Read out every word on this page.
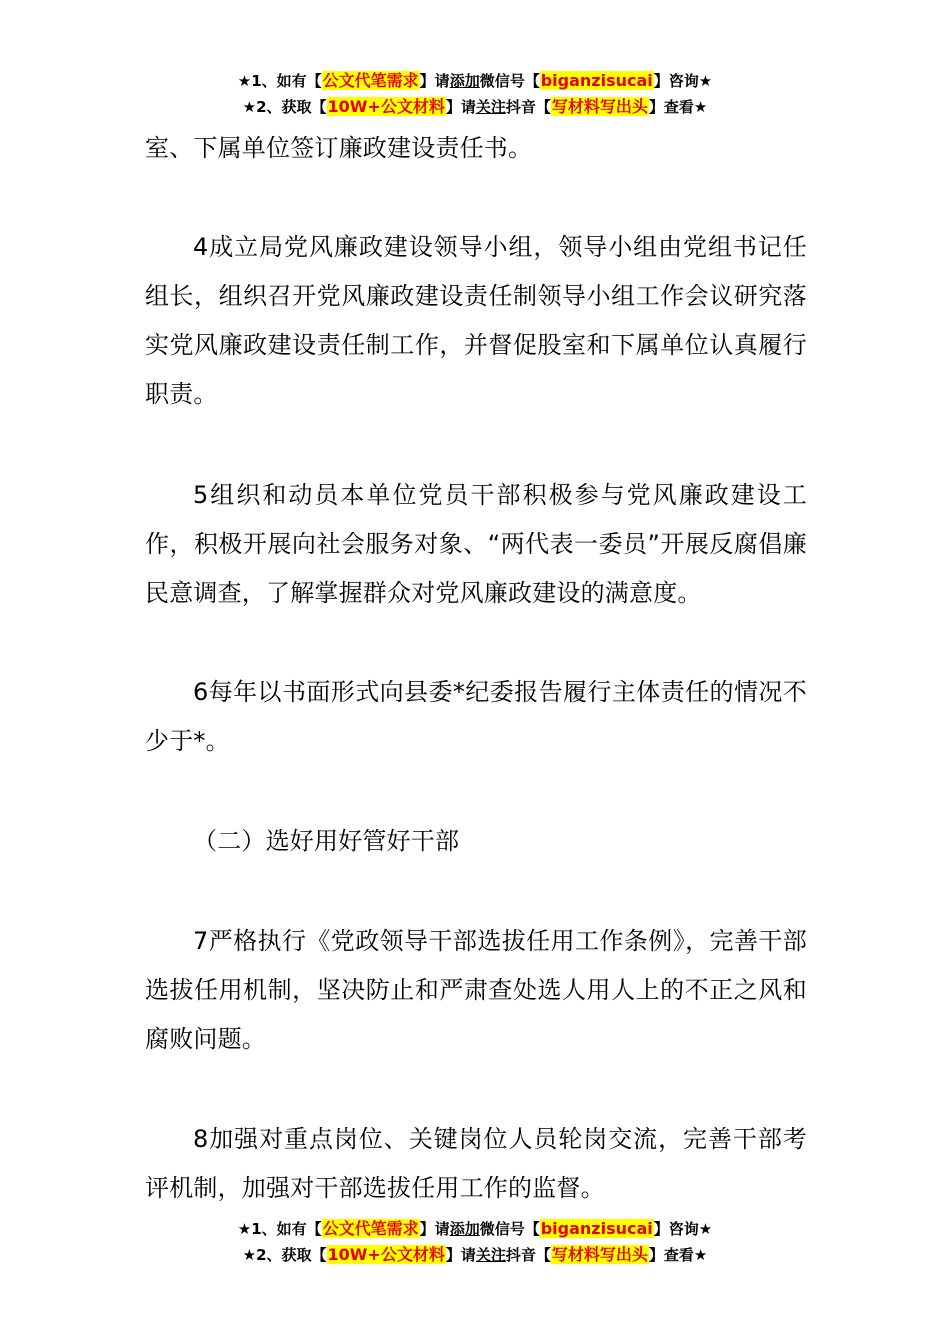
★1、如有【公文代笔需求】请添加微信号【biganzisucai】咨询★
★2、获取【10W+公文材料】请关注抖音【写材料写出头】查看★

室、下属单位签订廉政建设责任书。

4成立局党风廉政建设领导小组，领导小组由党组书记任组长，组织召开党风廉政建设责任制领导小组工作会议研究落实党风廉政建设责任制工作，并督促股室和下属单位认真履行职责。

5组织和动员本单位党员干部积极参与党风廉政建设工作，积极开展向社会服务对象、“两代表一委员”开展反腐倡廉民意调查，了解掌握群众对党风廉政建设的满意度。

6每年以书面形式向县委*纪委报告履行主体责任的情况不少于*。

（二）选好用好管好干部

7严格执行《党政领导干部选拔任用工作条例》，完善干部选拔任用机制，坚决防止和严肃查处选人用人上的不正之风和腐败问题。

8加强对重点岗位、关键岗位人员轮岗交流，完善干部考评机制，加强对干部选拔任用工作的监督。

★1、如有【公文代笔需求】请添加微信号【biganzisucai】咨询★
★2、获取【10W+公文材料】请关注抖音【写材料写出头】查看★
